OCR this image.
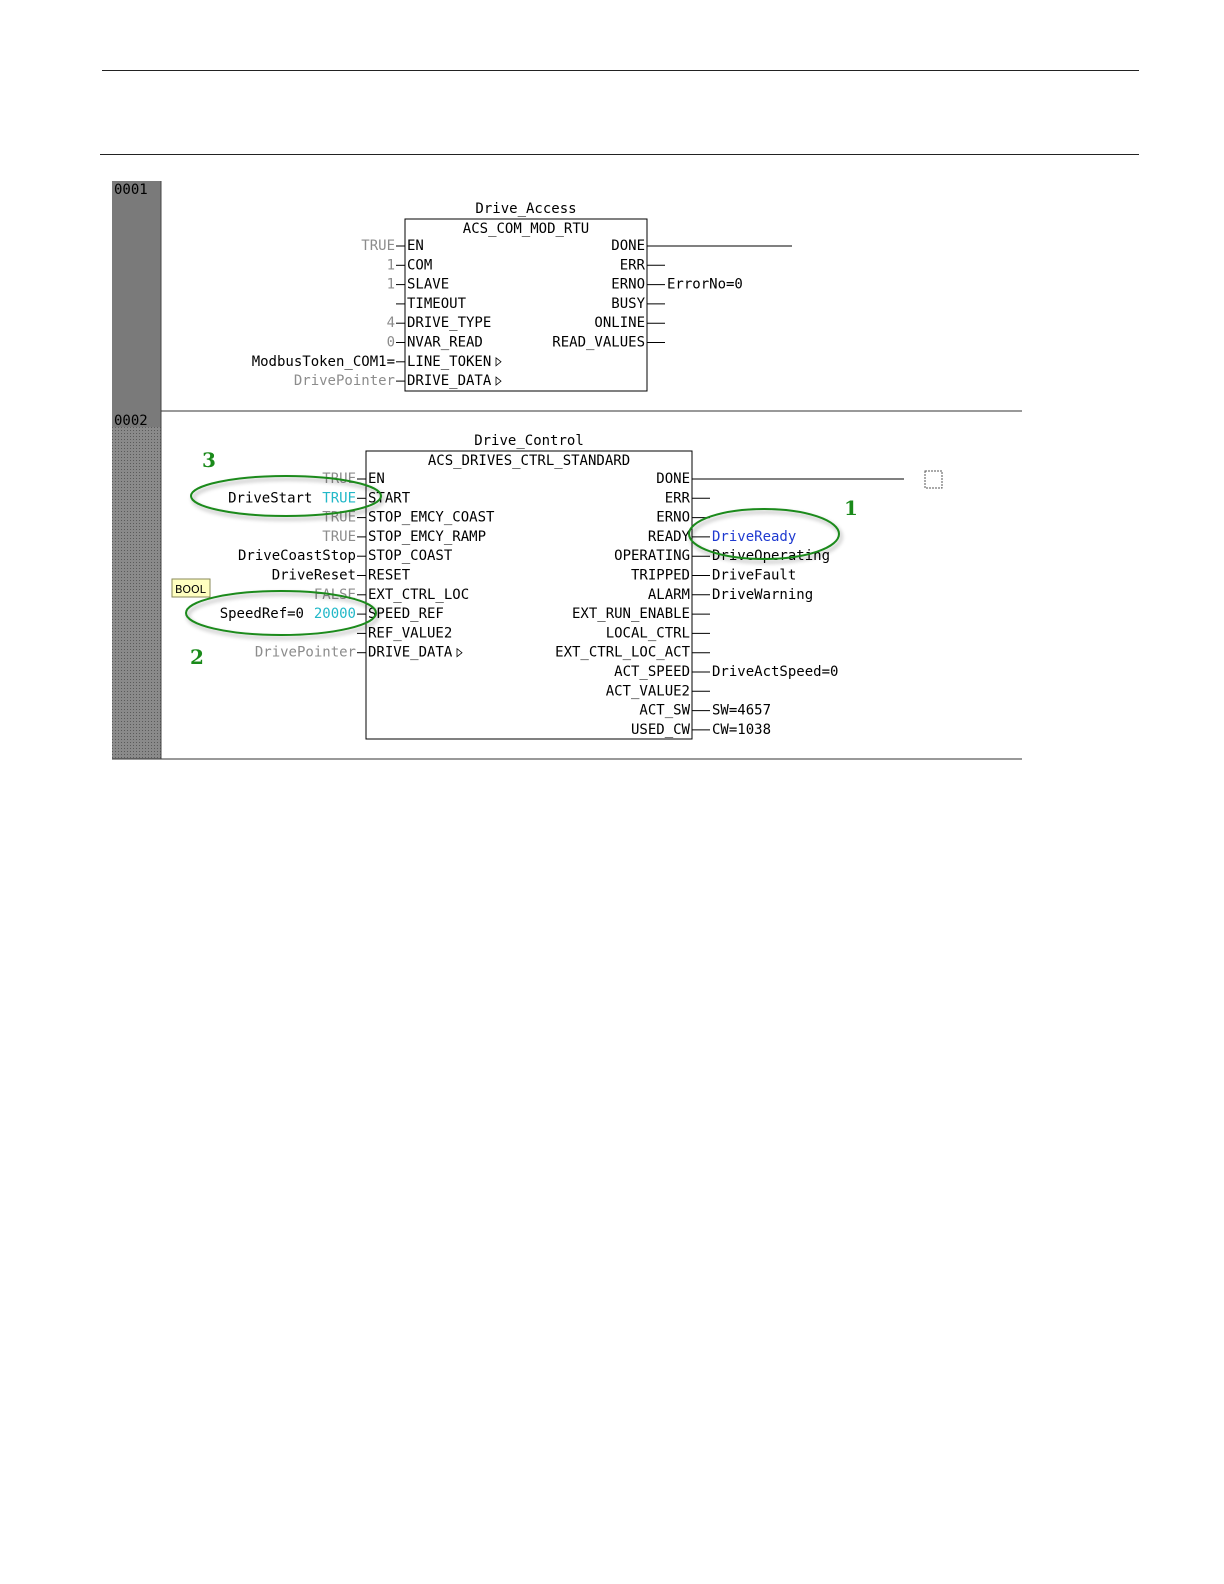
0001
0002
Drive_Access
ACS_COM_MOD_RTU
EN
TRUE
COM
1
SLAVE
1
TIMEOUT
DRIVE_TYPE
4
NVAR_READ
0
LINE_TOKEN
ModbusToken_COM1=
DRIVE_DATA
DrivePointer
DONE
ERR
ERNO ErrorNo=0
BUSY
ONLINE
READ_VALUES
Drive_Control
ACS_DRIVES_CTRL_STANDARD
EN
TRUE
START
TRUE
DriveStart
STOP_EMCY_COAST
TRUE
STOP_EMCY_RAMP
TRUE
STOP_COAST
DriveCoastStop
RESET
DriveReset
EXT_CTRL_LOC
FALSE
SPEED_REF
20000
SpeedRef=0
REF_VALUE2
DRIVE_DATA
DrivePointer
DONE
ERR
ERNO
READY DriveReady
OPERATING DriveOperating
TRIPPED DriveFault
ALARM DriveWarning
EXT_RUN_ENABLE
LOCAL_CTRL
EXT_CTRL_LOC_ACT
ACT_SPEED DriveActSpeed=0
ACT_VALUE2
ACT_SW SW=4657
USED_CW CW=1038
BOOL
1
2
3
